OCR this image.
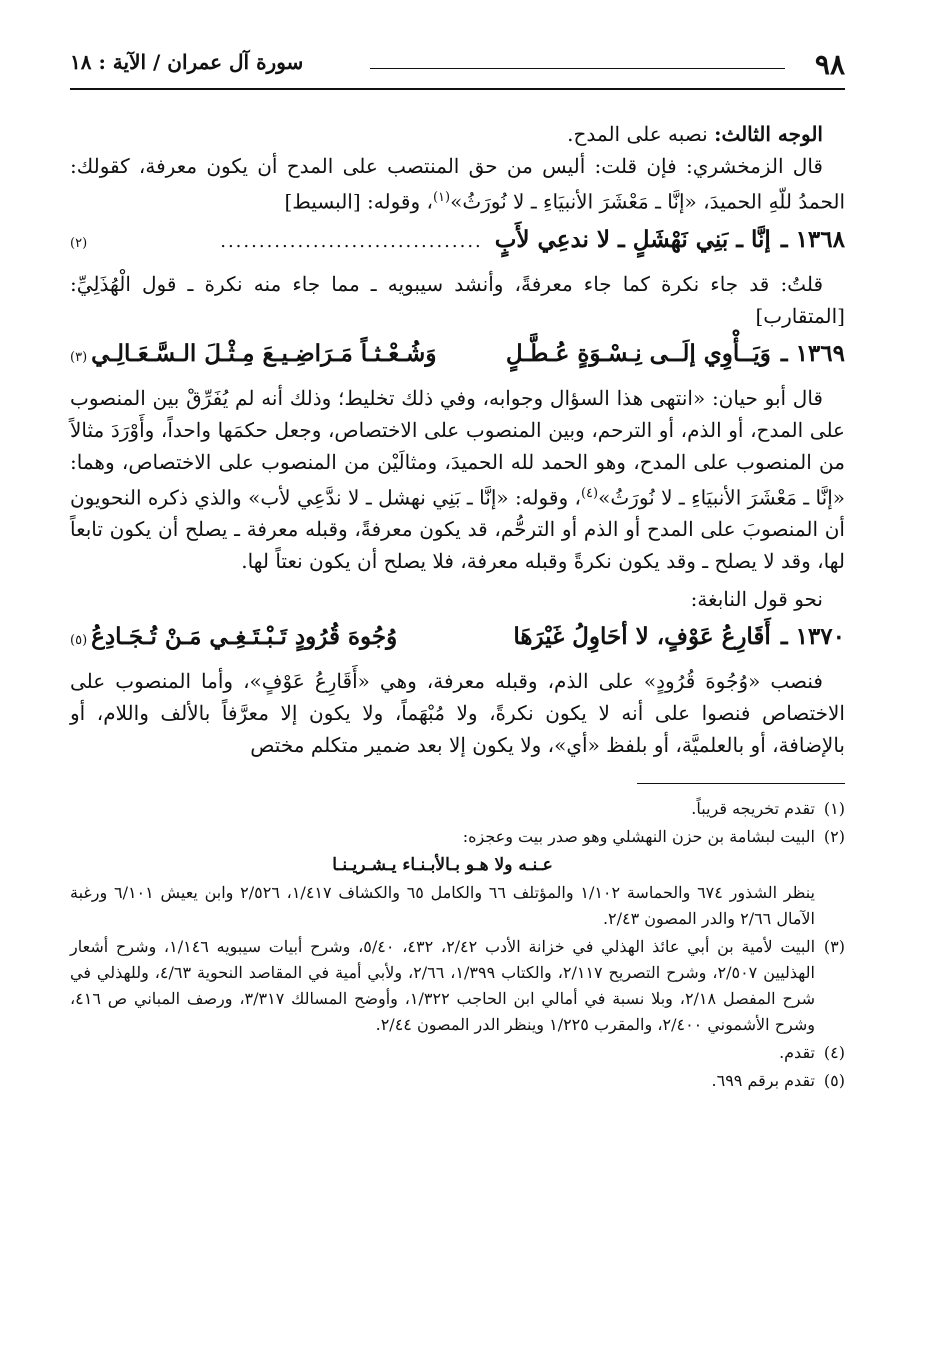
٩٨
سورة آل عمران / الآية : ١٨

الوجه الثالث: نصبه على المدح.

قال الزمخشري: فإن قلت: أليس من حق المنتصب على المدح أن يكون معرفة، كقولك: الحمدُ للّهِ الحميدَ، «إنَّا ـ مَعْشَرَ الأنبيَاءِ ـ لا نُورَثُ»$^{(١)}$، وقوله: [البسيط]

١٣٦٨ ـ
إنَّا ـ بَنِي نَهْشَلٍ ـ لا ندعِي لأَبٍ
..................................
(٢)

قلتُ: قد جاء نكرة كما جاء معرفةً، وأنشد سيبويه ـ مما جاء منه نكرة ـ قول الْهُذَلِيِّ: [المتقارب]

١٣٦٩ ـ
وَيَــأْوِي إلَــى نِـسْـوَةٍ عُـطَّـلٍ
وَشُـعْـثـاً مَـرَاضِـيـعَ مِـثْـلَ الـسَّـعَـالِـي
(٣)

قال أبو حيان: «انتهى هذا السؤال وجوابه، وفي ذلك تخليط؛ وذلك أنه لم يُفَرِّقْ بين المنصوب على المدح، أو الذم، أو الترحم، وبين المنصوب على الاختصاص، وجعل حكمَها واحداً، وأَوْرَدَ مثالاً من المنصوب على المدح، وهو الحمد لله الحميدَ، ومثالَيْن من المنصوب على الاختصاص، وهما: «إنَّا ـ مَعْشَرَ الأنبيَاءِ ـ لا نُورَثُ»$^{(٤)}$، وقوله: «إنَّا ـ بَنِي نهشل ـ لا ندَّعِي لأب» والذي ذكره النحويون أن المنصوبَ على المدح أو الذم أو الترحُّم، قد يكون معرفةً، وقبله معرفة ـ يصلح أن يكون تابعاً لها، وقد لا يصلح ـ وقد يكون نكرةً وقبله معرفة، فلا يصلح أن يكون نعتاً لها.

نحو قول النابغة:

١٣٧٠ ـ
أَقَارِعُ عَوْفٍ، لا أحَاوِلُ غَيْرَهَا
وُجُوهَ قُرُودٍ تَـبْـتَـغِـي مَـنْ تُـجَـادِعُ
(٥)

فنصب «وُجُوهَ قُرُودٍ» على الذم، وقبله معرفة، وهي «أَقَارِعُ عَوْفٍ»، وأما المنصوب على الاختصاص فنصوا على أنه لا يكون نكرةً، ولا مُبْهَماً، ولا يكون إلا معرَّفاً بالألف واللام، أو بالإضافة، أو بالعلميَّة، أو بلفظ «أي»، ولا يكون إلا بعد ضمير متكلم مختص

(١)
تقدم تخريجه قريباً.
(٢)
البيت لبشامة بن حزن النهشلي وهو صدر بيت وعجزه:
عـنـه ولا هـو بـالأبـنـاء يـشـريـنـا
ينظر الشذور ٦٧٤ والحماسة ١/١٠٢ والمؤتلف ٦٦ والكامل ٦٥ والكشاف ١/٤١٧، ٢/٥٢٦ وابن يعيش ٦/١٠١ ورغبة الآمال ٢/٦٦ والدر المصون ٢/٤٣.
(٣)
البيت لأمية بن أبي عائذ الهذلي في خزانة الأدب ٢/٤٢، ٤٣٢، ٥/٤٠، وشرح أبيات سيبويه ١/١٤٦، وشرح أشعار الهذليين ٢/٥٠٧، وشرح التصريح ٢/١١٧، والكتاب ١/٣٩٩، ٢/٦٦، ولأبي أمية في المقاصد النحوية ٤/٦٣، وللهذلي في شرح المفصل ٢/١٨، وبلا نسبة في أمالي ابن الحاجب ١/٣٢٢، وأوضح المسالك ٣/٣١٧، ورصف المباني ص ٤١٦، وشرح الأشموني ٢/٤٠٠، والمقرب ١/٢٢٥ وينظر الدر المصون ٢/٤٤.
(٤)
تقدم.
(٥)
تقدم برقم ٦٩٩.
